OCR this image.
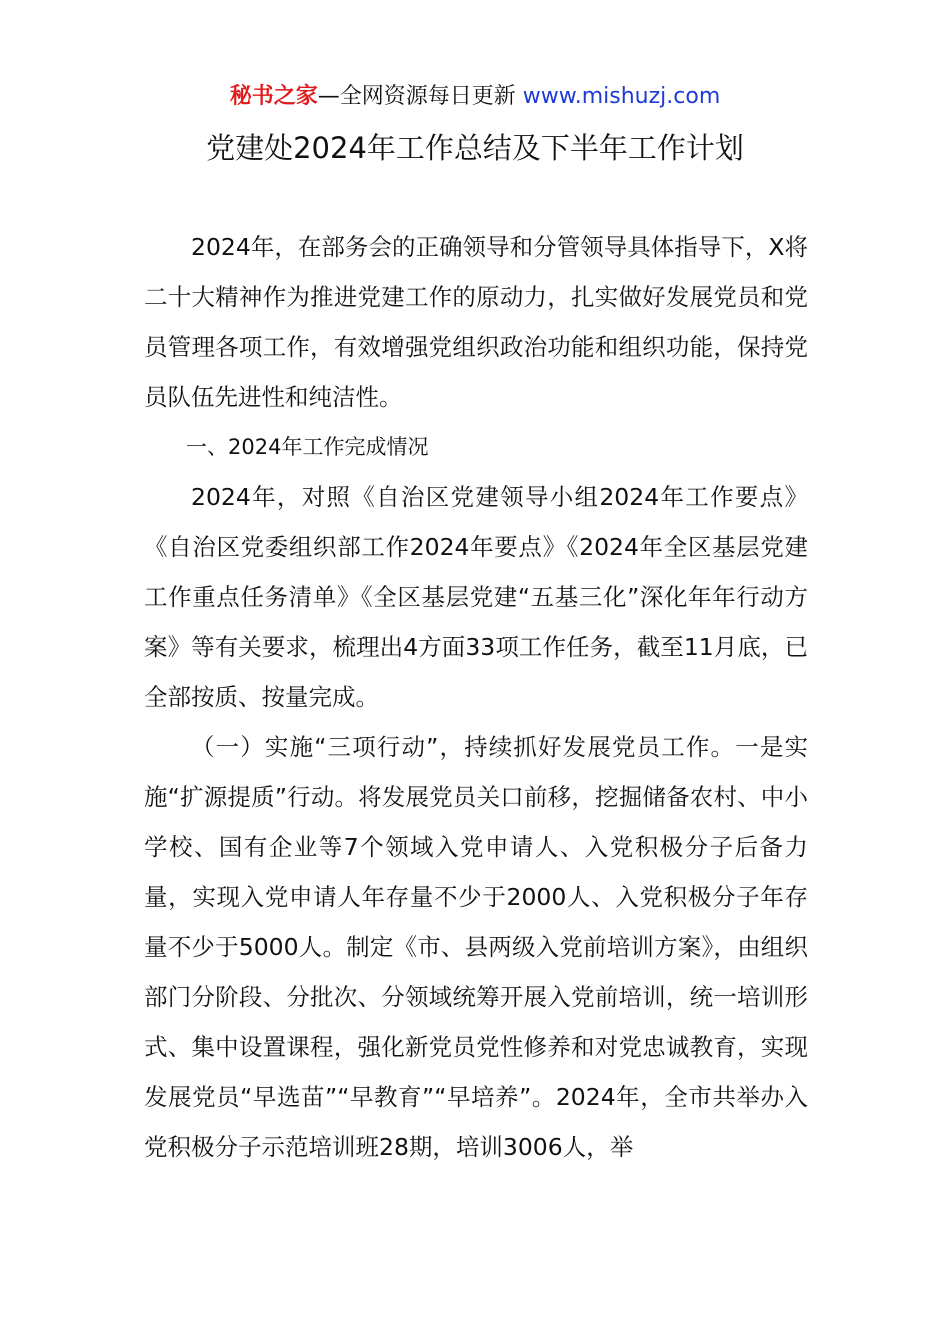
秘书之家—全网资源每日更新 www.mishuzj.com
党建处2024年工作总结及下半年工作计划

2024年，在部务会的正确领导和分管领导具体指导下，X将二十大精神作为推进党建工作的原动力，扎实做好发展党员和党员管理各项工作，有效增强党组织政治功能和组织功能，保持党员队伍先进性和纯洁性。

一、2024年工作完成情况

2024年，对照《自治区党建领导小组2024年工作要点》《自治区党委组织部工作2024年要点》《2024年全区基层党建工作重点任务清单》《全区基层党建“五基三化”深化年年行动方案》等有关要求，梳理出4方面33项工作任务，截至11月底，已全部按质、按量完成。

（一）实施“三项行动”，持续抓好发展党员工作。一是实施“扩源提质”行动。将发展党员关口前移，挖掘储备农村、中小学校、国有企业等7个领域入党申请人、入党积极分子后备力量，实现入党申请人年存量不少于2000人、入党积极分子年存量不少于5000人。制定《市、县两级入党前培训方案》，由组织部门分阶段、分批次、分领域统筹开展入党前培训，统一培训形式、集中设置课程，强化新党员党性修养和对党忠诚教育，实现发展党员“早选苗”“早教育”“早培养”。2024年，全市共举办入党积极分子示范培训班28期，培训3006人，举
